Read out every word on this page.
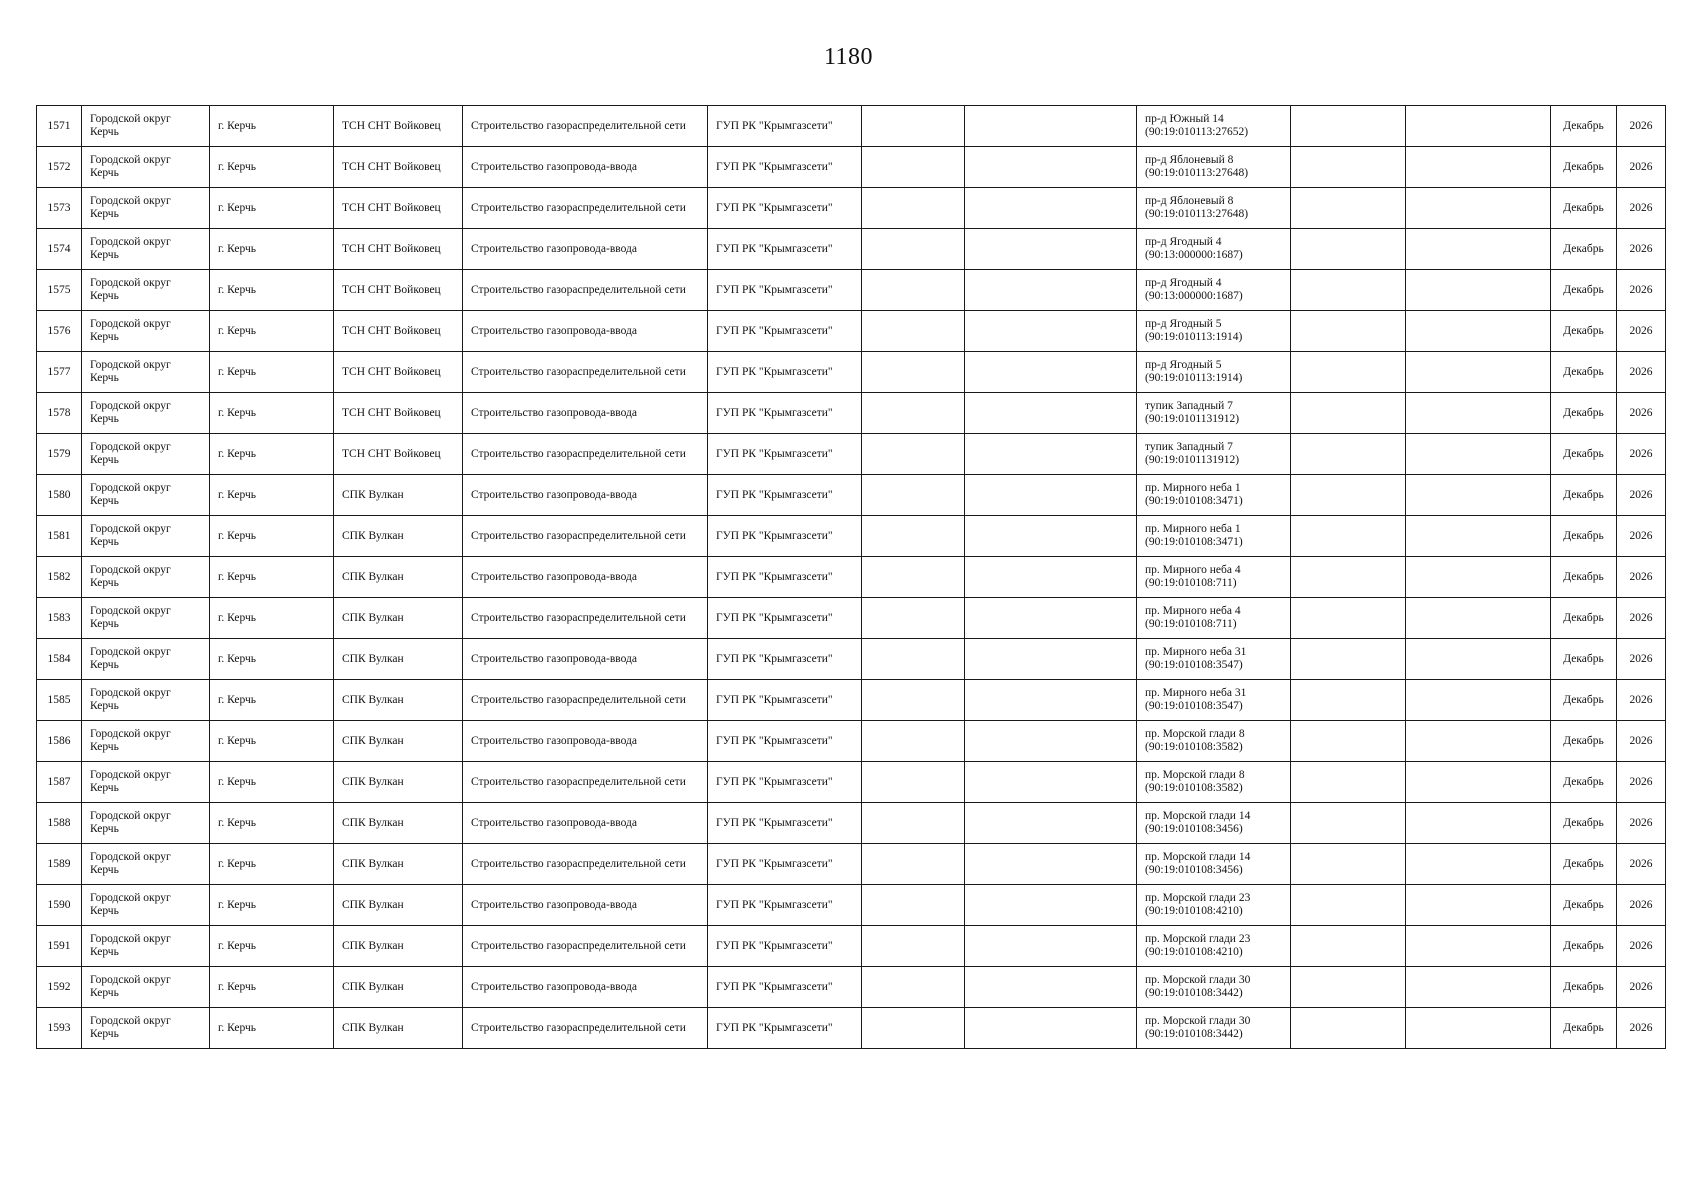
1180
1571	Городской округ Керчь	г. Керчь	ТСН СНТ Войковец	Строительство газораспределительной сети	ГУП РК "Крымгазсети"			пр-д Южный 14 (90:19:010113:27652)			Декабрь	2026
1572	Городской округ Керчь	г. Керчь	ТСН СНТ Войковец	Строительство газопровода-ввода	ГУП РК "Крымгазсети"			пр-д Яблоневый 8 (90:19:010113:27648)			Декабрь	2026
1573	Городской округ Керчь	г. Керчь	ТСН СНТ Войковец	Строительство газораспределительной сети	ГУП РК "Крымгазсети"			пр-д Яблоневый 8 (90:19:010113:27648)			Декабрь	2026
1574	Городской округ Керчь	г. Керчь	ТСН СНТ Войковец	Строительство газопровода-ввода	ГУП РК "Крымгазсети"			пр-д Ягодный 4 (90:13:000000:1687)			Декабрь	2026
1575	Городской округ Керчь	г. Керчь	ТСН СНТ Войковец	Строительство газораспределительной сети	ГУП РК "Крымгазсети"			пр-д Ягодный 4 (90:13:000000:1687)			Декабрь	2026
1576	Городской округ Керчь	г. Керчь	ТСН СНТ Войковец	Строительство газопровода-ввода	ГУП РК "Крымгазсети"			пр-д Ягодный 5 (90:19:010113:1914)			Декабрь	2026
1577	Городской округ Керчь	г. Керчь	ТСН СНТ Войковец	Строительство газораспределительной сети	ГУП РК "Крымгазсети"			пр-д Ягодный 5 (90:19:010113:1914)			Декабрь	2026
1578	Городской округ Керчь	г. Керчь	ТСН СНТ Войковец	Строительство газопровода-ввода	ГУП РК "Крымгазсети"			тупик Западный 7 (90:19:0101131912)			Декабрь	2026
1579	Городской округ Керчь	г. Керчь	ТСН СНТ Войковец	Строительство газораспределительной сети	ГУП РК "Крымгазсети"			тупик Западный 7 (90:19:0101131912)			Декабрь	2026
1580	Городской округ Керчь	г. Керчь	СПК Вулкан	Строительство газопровода-ввода	ГУП РК "Крымгазсети"			пр. Мирного неба 1 (90:19:010108:3471)			Декабрь	2026
1581	Городской округ Керчь	г. Керчь	СПК Вулкан	Строительство газораспределительной сети	ГУП РК "Крымгазсети"			пр. Мирного неба 1 (90:19:010108:3471)			Декабрь	2026
1582	Городской округ Керчь	г. Керчь	СПК Вулкан	Строительство газопровода-ввода	ГУП РК "Крымгазсети"			пр. Мирного неба 4 (90:19:010108:711)			Декабрь	2026
1583	Городской округ Керчь	г. Керчь	СПК Вулкан	Строительство газораспределительной сети	ГУП РК "Крымгазсети"			пр. Мирного неба 4 (90:19:010108:711)			Декабрь	2026
1584	Городской округ Керчь	г. Керчь	СПК Вулкан	Строительство газопровода-ввода	ГУП РК "Крымгазсети"			пр. Мирного неба 31 (90:19:010108:3547)			Декабрь	2026
1585	Городской округ Керчь	г. Керчь	СПК Вулкан	Строительство газораспределительной сети	ГУП РК "Крымгазсети"			пр. Мирного неба 31 (90:19:010108:3547)			Декабрь	2026
1586	Городской округ Керчь	г. Керчь	СПК Вулкан	Строительство газопровода-ввода	ГУП РК "Крымгазсети"			пр. Морской глади 8 (90:19:010108:3582)			Декабрь	2026
1587	Городской округ Керчь	г. Керчь	СПК Вулкан	Строительство газораспределительной сети	ГУП РК "Крымгазсети"			пр. Морской глади 8 (90:19:010108:3582)			Декабрь	2026
1588	Городской округ Керчь	г. Керчь	СПК Вулкан	Строительство газопровода-ввода	ГУП РК "Крымгазсети"			пр. Морской глади 14 (90:19:010108:3456)			Декабрь	2026
1589	Городской округ Керчь	г. Керчь	СПК Вулкан	Строительство газораспределительной сети	ГУП РК "Крымгазсети"			пр. Морской глади 14 (90:19:010108:3456)			Декабрь	2026
1590	Городской округ Керчь	г. Керчь	СПК Вулкан	Строительство газопровода-ввода	ГУП РК "Крымгазсети"			пр. Морской глади 23 (90:19:010108:4210)			Декабрь	2026
1591	Городской округ Керчь	г. Керчь	СПК Вулкан	Строительство газораспределительной сети	ГУП РК "Крымгазсети"			пр. Морской глади 23 (90:19:010108:4210)			Декабрь	2026
1592	Городской округ Керчь	г. Керчь	СПК Вулкан	Строительство газопровода-ввода	ГУП РК "Крымгазсети"			пр. Морской глади 30 (90:19:010108:3442)			Декабрь	2026
1593	Городской округ Керчь	г. Керчь	СПК Вулкан	Строительство газораспределительной сети	ГУП РК "Крымгазсети"			пр. Морской глади 30 (90:19:010108:3442)			Декабрь	2026
